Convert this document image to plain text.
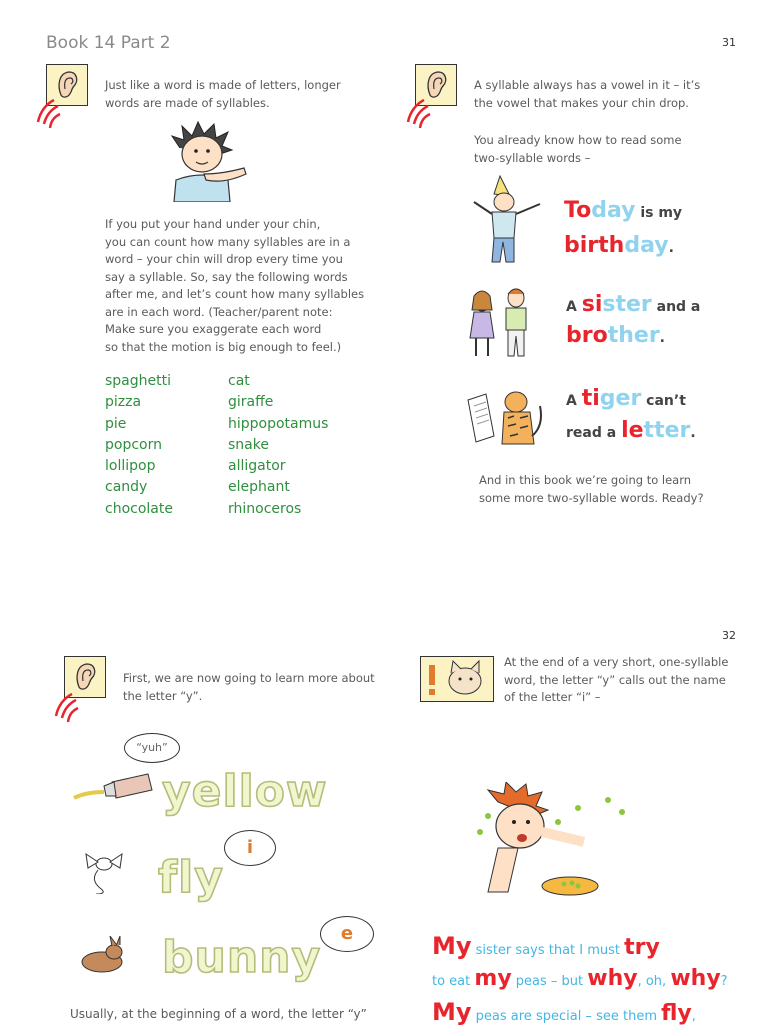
Book 14 Part 2	31
32
Just like a word is made of letters, longer
words are made of syllables.
If you put your hand under your chin,
you can count how many syllables are in a
word – your chin will drop every time you
say a syllable. So, say the following words
after me, and let’s count how many syllables
are in each word. (Teacher/parent note:
Make sure you exaggerate each word
so that the motion is big enough to feel.)
spaghetti
pizza
pie
popcorn
lollipop
candy
chocolate
cat
giraffe
hippopotamus
snake
alligator
elephant
rhinoceros
A syllable always has a vowel in it – it’s
the vowel that makes your chin drop.
You already know how to read some
two-syllable words –
Today is my
birthday.
A sister and a
brother.
A tiger can’t
read a letter.
And in this book we’re going to learn
some more two-syllable words. Ready?
First, we are now going to learn more about
the letter “y”.
“yuh”
yellow
i
fly
e
bunny
Usually, at the beginning of a word, the letter “y”
At the end of a very short, one-syllable
word, the letter “y” calls out the name
of the letter “i” –
My sister says that I must try
to eat my peas – but why, oh, why?
My peas are special – see them fly,
